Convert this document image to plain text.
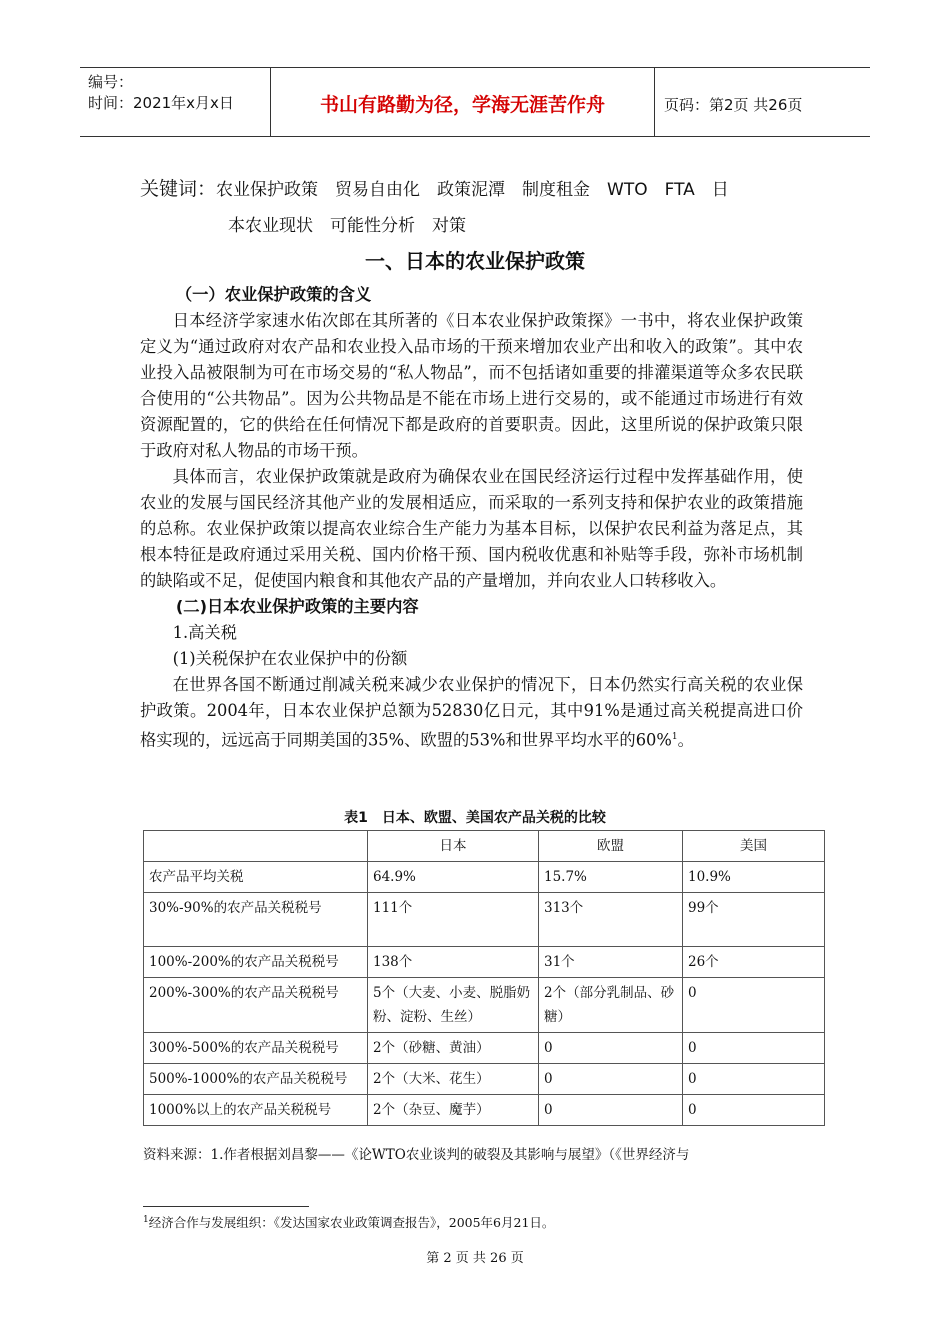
编号：
时间：2021年x月x日	书山有路勤为径，学海无涯苦作舟	页码：第2页 共26页
关键词：农业保护政策　贸易自由化　政策泥潭　制度租金　WTO　FTA　日
本农业现状　可能性分析　对策
一、日本的农业保护政策

（一）农业保护政策的含义

日本经济学家速水佑次郎在其所著的《日本农业保护政策探》一书中，将农业保护政策定义为“通过政府对农产品和农业投入品市场的干预来增加农业产出和收入的政策”。其中农业投入品被限制为可在市场交易的“私人物品”，而不包括诸如重要的排灌渠道等众多农民联合使用的“公共物品”。因为公共物品是不能在市场上进行交易的，或不能通过市场进行有效资源配置的，它的供给在任何情况下都是政府的首要职责。因此，这里所说的保护政策只限于政府对私人物品的市场干预。

具体而言，农业保护政策就是政府为确保农业在国民经济运行过程中发挥基础作用，使农业的发展与国民经济其他产业的发展相适应，而采取的一系列支持和保护农业的政策措施的总称。农业保护政策以提高农业综合生产能力为基本目标，以保护农民利益为落足点，其根本特征是政府通过采用关税、国内价格干预、国内税收优惠和补贴等手段，弥补市场机制的缺陷或不足，促使国内粮食和其他农产品的产量增加，并向农业人口转移收入。

(二)日本农业保护政策的主要内容

1.高关税

(1)关税保护在农业保护中的份额

在世界各国不断通过削减关税来减少农业保护的情况下，日本仍然实行高关税的农业保护政策。2004年，日本农业保护总额为52830亿日元，其中91%是通过高关税提高进口价格实现的，远远高于同期美国的35%、欧盟的53%和世界平均水平的60%$^1$。

表1　日本、欧盟、美国农产品关税的比较
	日本	欧盟	美国
农产品平均关税	64.9%	15.7%	10.9%
30%-90%的农产品关税税号	111个	313个	99个
100%-200%的农产品关税税号	138个	31个	26个
200%-300%的农产品关税税号	5个（大麦、小麦、脱脂奶粉、淀粉、生丝）	2个（部分乳制品、砂糖）	0
300%-500%的农产品关税税号	2个（砂糖、黄油）	0	0
500%-1000%的农产品关税税号	2个（大米、花生）	0	0
1000%以上的农产品关税税号	2个（杂豆、魔芋）	0	0
资料来源：1.作者根据刘昌黎——《论WTO农业谈判的破裂及其影响与展望》（《世界经济与
$^1$经济合作与发展组织：《发达国家农业政策调查报告》，2005年6月21日。
第 2 页 共 26 页
